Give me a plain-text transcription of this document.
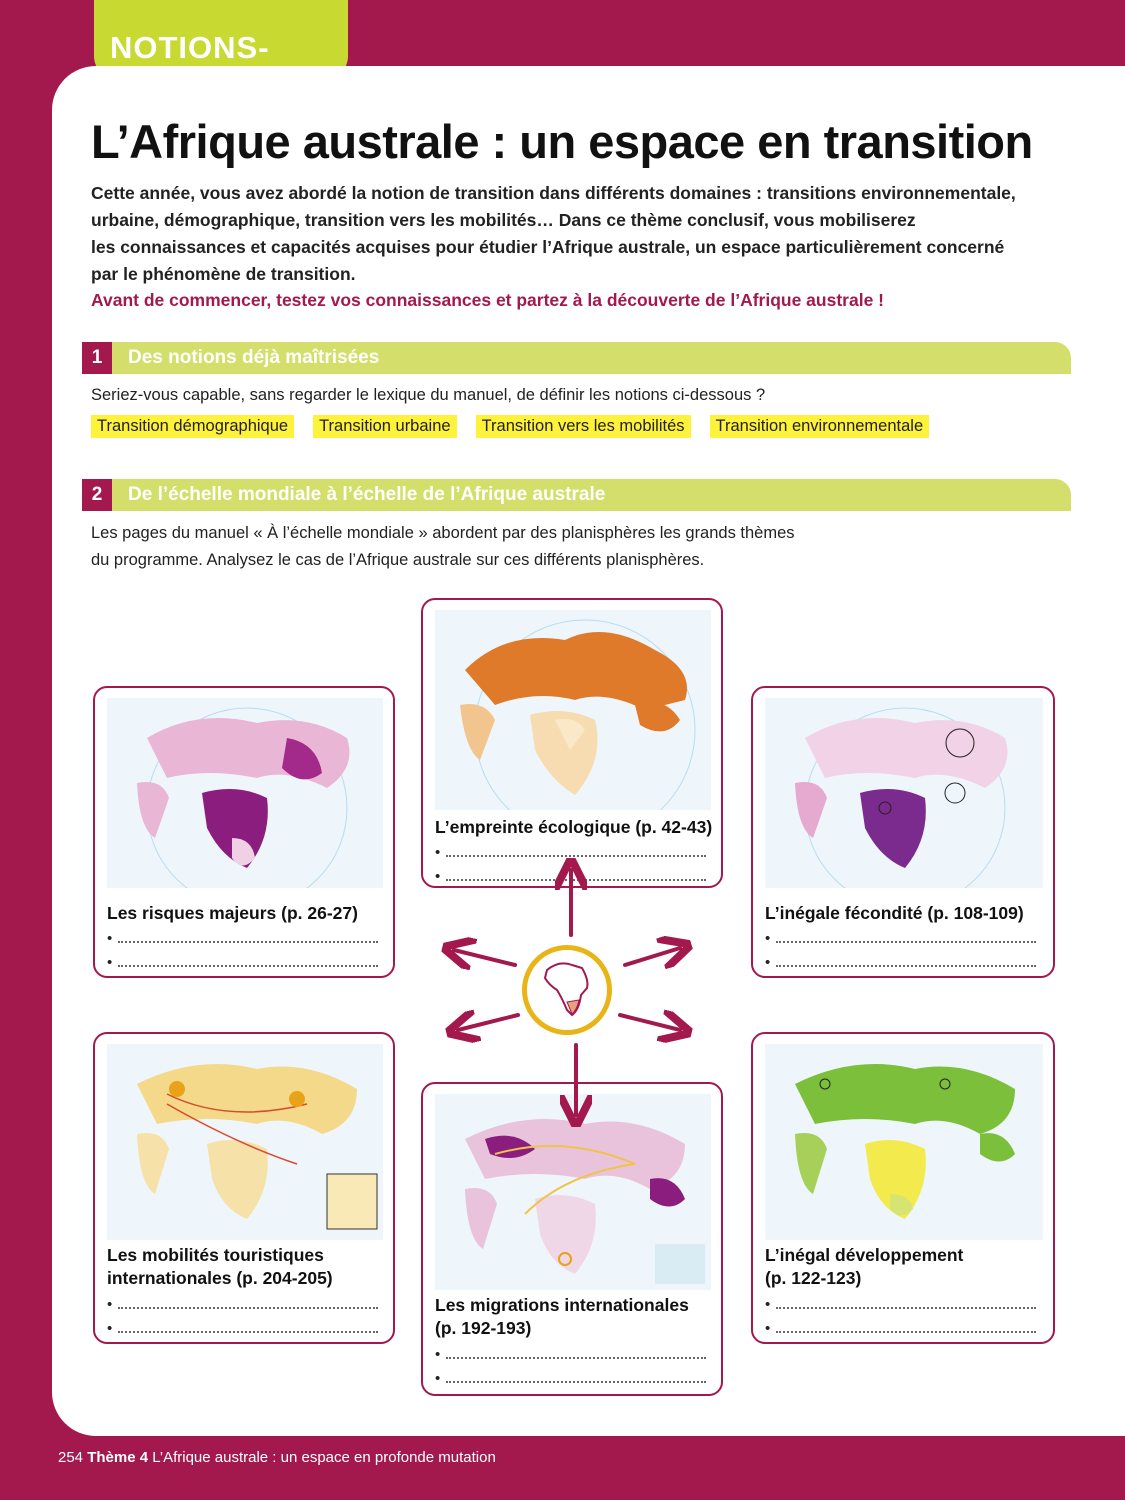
NOTIONS-
L’Afrique australe : un espace en transition
Cette année, vous avez abordé la notion de transition dans différents domaines : transitions environnementale,
urbaine, démographique, transition vers les mobilités… Dans ce thème conclusif, vous mobiliserez
les connaissances et capacités acquises pour étudier l’Afrique australe, un espace particulièrement concerné
par le phénomène de transition.
Avant de commencer, testez vos connaissances et partez à la découverte de l’Afrique australe !
1	Des notions déjà maîtrisées
Seriez-vous capable, sans regarder le lexique du manuel, de définir les notions ci-dessous ?
Transition démographique	Transition urbaine	Transition vers les mobilités	Transition environnementale
2	De l’échelle mondiale à l’échelle de l’Afrique australe
Les pages du manuel « À l’échelle mondiale » abordent par des planisphères les grands thèmes
du programme. Analysez le cas de l’Afrique australe sur ces différents planisphères.
L’empreinte écologique (p. 42-43)
•
•
Les risques majeurs (p. 26-27)
•
•
L’inégale fécondité (p. 108-109)
•
•
Les mobilités touristiques
internationales (p. 204-205)
•
•
Les migrations internationales
(p. 192-193)
•
•
L’inégal développement
(p. 122-123)
•
•
254 Thème 4 L’Afrique australe : un espace en profonde mutation
